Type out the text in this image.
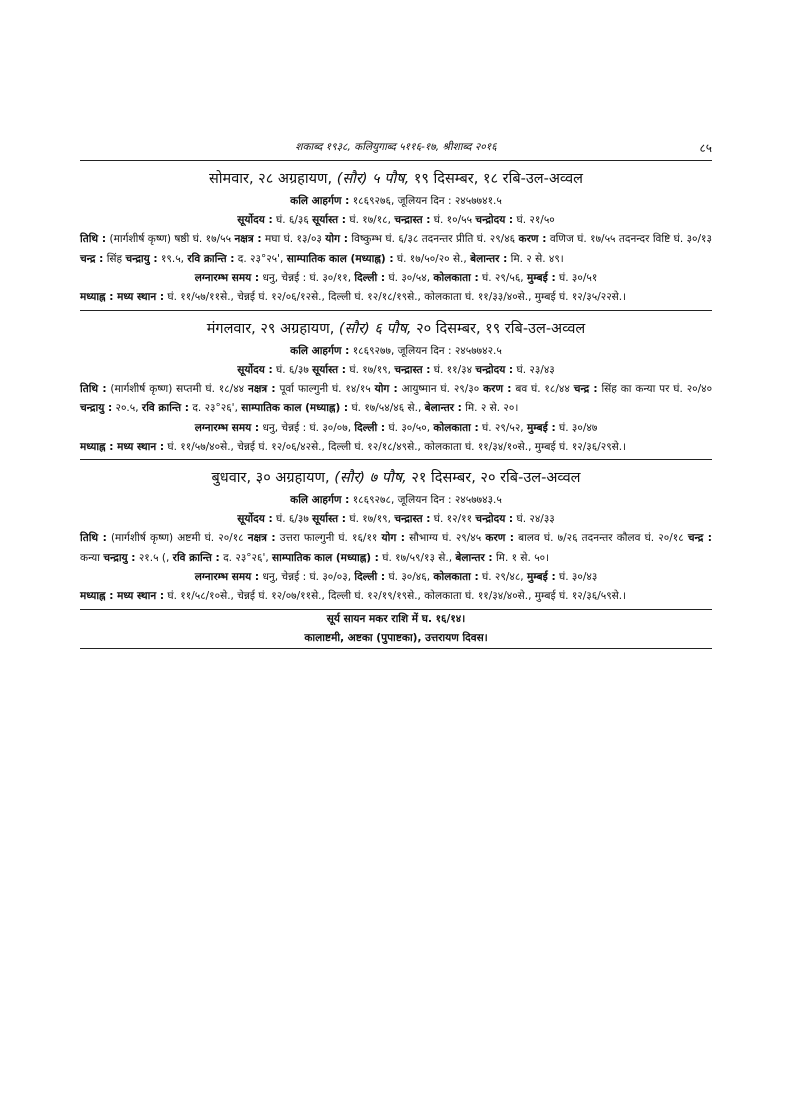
शकाब्द १९३८, कलियुगाब्द ५११६-१७, श्रीशाब्द २०१६	८५
सोमवार, २८ अग्रहायण, (सौर) ५ पौष, १९ दिसम्बर, १८ रबि-उल-अव्वल
कलि आहर्गण : १८६९२७६, जूलियन दिन : २४५७७४१.५
सूर्योदय : घं. ६/३६ सूर्यास्त : घं. १७/१८, चन्द्रास्त : घं. १०/५५ चन्द्रोदय : घं. २१/५०
तिथि : (मार्गशीर्ष कृष्ण) षष्ठी घं. १७/५५ नक्षत्र : मघा घं. १३/०३ योग : विष्कुम्भ घं. ६/३८ तदनन्तर प्रीति घं. २९/४६ करण : वणिज घं. १७/५५ तदनन्दर विष्टि घं. ३०/१३ चन्द्र : सिंह चन्द्रायु : १९.५, रवि क्रान्ति : द. २३°२५', साम्पातिक काल (मध्याह्न) : घं. १७/५०/२० से., बेलान्तर : मि. २ से. ४९।
लग्नारम्भ समय : धनु, चेन्नई : घं. ३०/११, दिल्ली : घं. ३०/५४, कोलकाता : घं. २९/५६, मुम्बई : घं. ३०/५१
मध्याह्न : मध्य स्थान : घं. ११/५७/११से., चेन्नई घं. १२/०६/१२से., दिल्ली घं. १२/१८/१९से., कोलकाता घं. ११/३३/४०से., मुम्बई घं. १२/३५/२२से.।
मंगलवार, २९ अग्रहायण, (सौर) ६ पौष, २० दिसम्बर, १९ रबि-उल-अव्वल
कलि आहर्गण : १८६९२७७, जूलियन दिन : २४५७७४२.५
सूर्योदय : घं. ६/३७ सूर्यास्त : घं. १७/१९, चन्द्रास्त : घं. ११/३४ चन्द्रोदय : घं. २३/४३
तिथि : (मार्गशीर्ष कृष्ण) सप्तमी घं. १८/४४ नक्षत्र : पूर्वा फाल्गुनी घं. १४/१५ योग : आयुष्मान घं. २९/३० करण : बव घं. १८/४४ चन्द्र : सिंह का कन्या पर घं. २०/४० चन्द्रायु : २०.५, रवि क्रान्ति : द. २३°२६', साम्पातिक काल (मध्याह्न) : घं. १७/५४/४६ से., बेलान्तर : मि. २ से. २०।
लग्नारम्भ समय : धनु, चेन्नई : घं. ३०/०७, दिल्ली : घं. ३०/५०, कोलकाता : घं. २९/५२, मुम्बई : घं. ३०/४७
मध्याह्न : मध्य स्थान : घं. ११/५७/४०से., चेन्नई घं. १२/०६/४२से., दिल्ली घं. १२/१८/४९से., कोलकाता घं. ११/३४/१०से., मुम्बई घं. १२/३६/२९से.।
बुधवार, ३० अग्रहायण, (सौर) ७ पौष, २१ दिसम्बर, २० रबि-उल-अव्वल
कलि आहर्गण : १८६९२७८, जूलियन दिन : २४५७७४३.५
सूर्योदय : घं. ६/३७ सूर्यास्त : घं. १७/१९, चन्द्रास्त : घं. १२/११ चन्द्रोदय : घं. २४/३३
तिथि : (मार्गशीर्ष कृष्ण) अष्टमी घं. २०/१८ नक्षत्र : उत्तरा फाल्गुनी घं. १६/११ योग : सौभाग्य घं. २९/४५ करण : बालव घं. ७/२६ तदनन्तर कौलव घं. २०/१८ चन्द्र : कन्या चन्द्रायु : २१.५ (, रवि क्रान्ति : द. २३°२६', साम्पातिक काल (मध्याह्न) : घं. १७/५९/१३ से., बेलान्तर : मि. १ से. ५०।
लग्नारम्भ समय : धनु, चेन्नई : घं. ३०/०३, दिल्ली : घं. ३०/४६, कोलकाता : घं. २९/४८, मुम्बई : घं. ३०/४३
मध्याह्न : मध्य स्थान : घं. ११/५८/१०से., चेन्नई घं. १२/०७/११से., दिल्ली घं. १२/१९/१९से., कोलकाता घं. ११/३४/४०से., मुम्बई घं. १२/३६/५९से.।
सूर्य सायन मकर राशि में घ. १६/१४।
कालाष्टमी, अष्टका (पुपाष्टका), उत्तरायण दिवस।
